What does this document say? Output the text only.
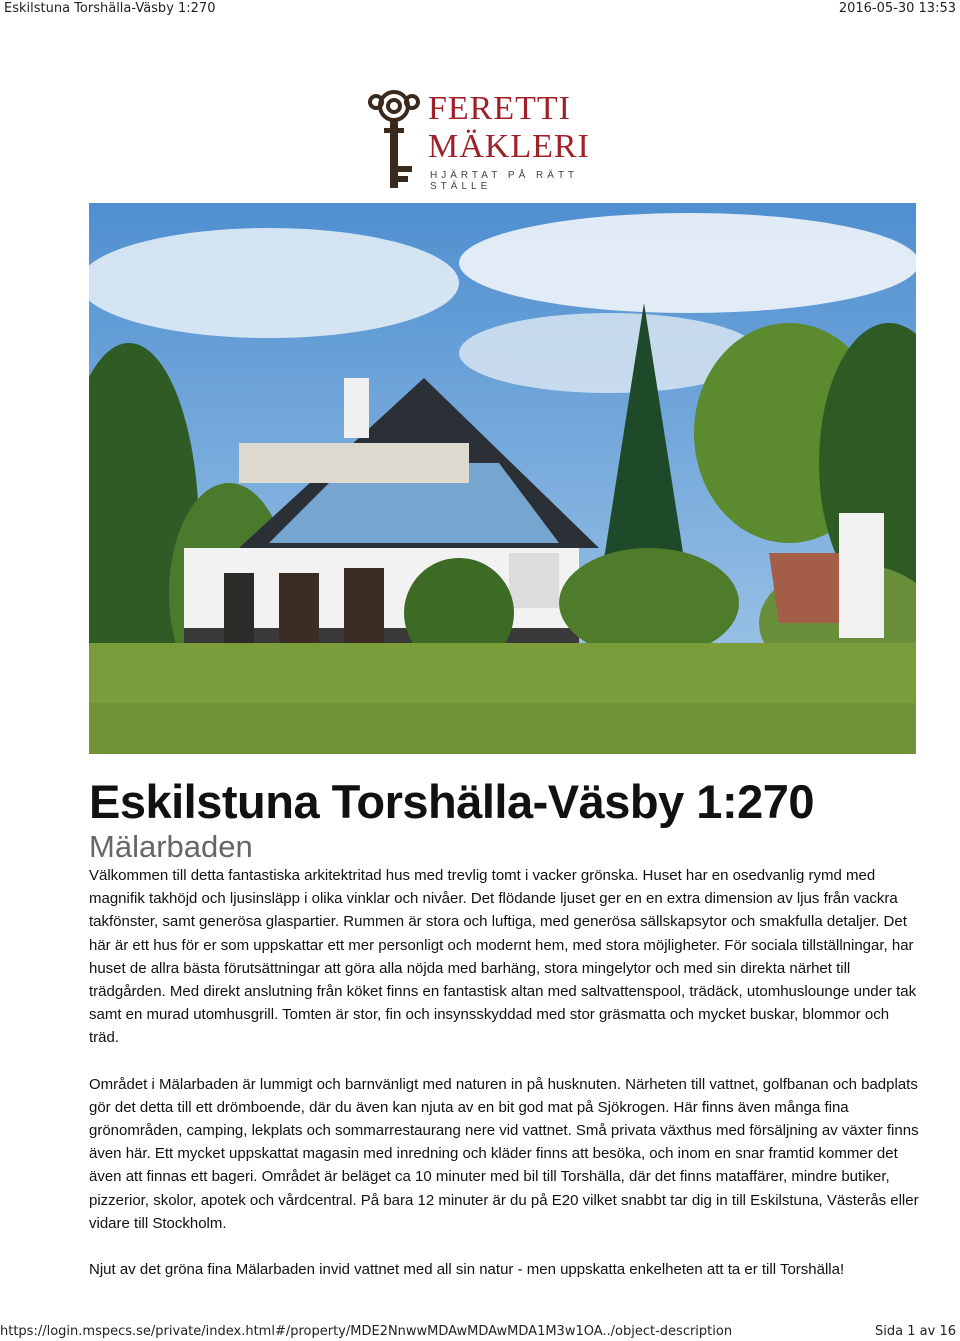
Eskilstuna Torshälla-Väsby 1:270	2016-05-30 13:53
FERETTI
MÄKLERI
HJÄRTAT PÅ RÄTT STÄLLE
Eskilstuna Torshälla-Väsby 1:270
Mälarbaden

Välkommen till detta fantastiska arkitektritad hus med trevlig tomt i vacker grönska. Huset har en osedvanlig rymd med magnifik takhöjd och ljusinsläpp i olika vinklar och nivåer. Det flödande ljuset ger en en extra dimension av ljus från vackra takfönster, samt generösa glaspartier. Rummen är stora och luftiga, med generösa sällskapsytor och smakfulla detaljer. Det här är ett hus för er som uppskattar ett mer personligt och modernt hem, med stora möjligheter. För sociala tillställningar, har huset de allra bästa förutsättningar att göra alla nöjda med barhäng, stora mingelytor och med sin direkta närhet till trädgården. Med direkt anslutning från köket finns en fantastisk altan med saltvattenspool, trädäck, utomhuslounge under tak samt en murad utomhusgrill. Tomten är stor, fin och insynsskyddad med stor gräsmatta och mycket buskar, blommor och träd.

Området i Mälarbaden är lummigt och barnvänligt med naturen in på husknuten. Närheten till vattnet, golfbanan och badplats gör det detta till ett drömboende, där du även kan njuta av en bit god mat på Sjökrogen. Här finns även många fina grönområden, camping, lekplats och sommarrestaurang nere vid vattnet. Små privata växthus med försäljning av växter finns även här. Ett mycket uppskattat magasin med inredning och kläder finns att besöka, och inom en snar framtid kommer det även att finnas ett bageri. Området är beläget ca 10 minuter med bil till Torshälla, där det finns mataffärer, mindre butiker, pizzerior, skolor, apotek och vårdcentral. På bara 12 minuter är du på E20 vilket snabbt tar dig in till Eskilstuna, Västerås eller vidare till Stockholm.

Njut av det gröna fina Mälarbaden invid vattnet med all sin natur - men uppskatta enkelheten att ta er till Torshälla!

https://login.mspecs.se/private/index.html#/property/MDE2NnwwMDAwMDAwMDA1M3w1OA../object-description	Sida 1 av 16
